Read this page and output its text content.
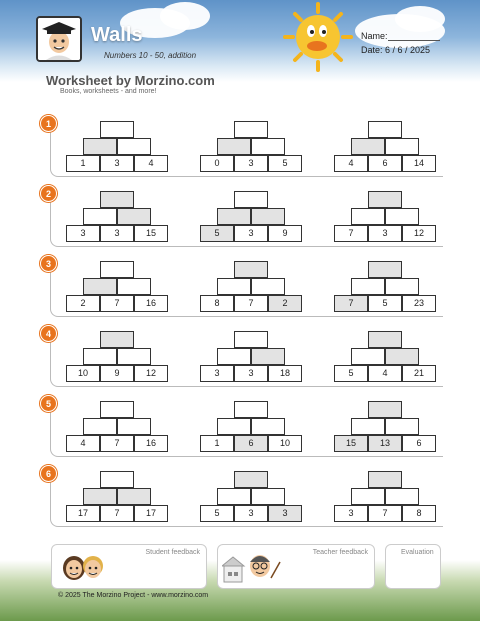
Walls
Numbers 10 - 50, addition
Name:
Date: 6 / 6 / 2025
Worksheet by Morzino.com
Books, worksheets - and more!
1
1	3	4	0	3	5	4	6	14
2
3	3	15	5	3	9	7	3	12
3
2	7	16	8	7	2	7	5	23
4
10	9	12	3	3	18	5	4	21
5
4	7	16	1	6	10	15	13	6
6
17	7	17	5	3	3	3	7	8
Student feedback	Teacher feedback	Evaluation
© 2025 The Morzino Project - www.morzino.com
